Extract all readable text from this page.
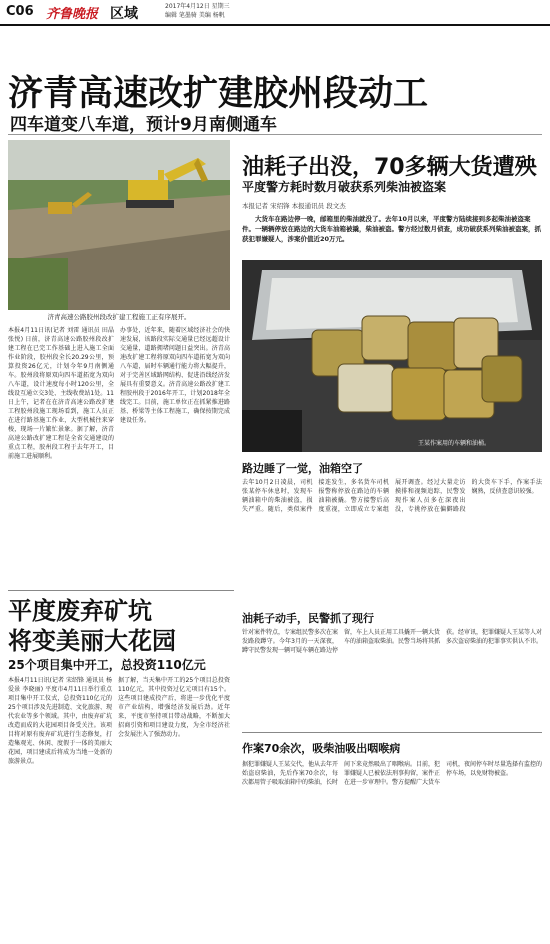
C06 齐鲁晚报 区域	2017年4月12日 星期三
编辑 笔墨骑 美编 杨帆
济青高速改扩建胶州段动工
四车道变八车道，预计9月南侧通车
济青高速公路胶州段改扩建工程施工正有序展开。
本报4月11日讯(记者 刘雷 通讯员 田晶 张悦) 日前，济青高速公路胶州段改扩建工程在已完工作基础上进入施工全面作业阶段，胶州段全长20.29公里，预算投资26亿元，计划今年9月南侧通车。胶州段将原双向四车道拓宽为双向八车道，设计速度每小时120公里，全线设互通立交3处、主线收费站1处。11日上午，记者在在济青高速公路改扩建工程胶州段施工现场看到，施工人员正在进行路基施工作业，大型机械往来穿梭，现场一片繁忙景象。据了解，济青高速公路改扩建工程是全省交通建设的重点工程，胶州段工程于去年开工，目前施工进展顺利。
办事处，近年来，随着区域经济社会的快速发展，该路段实际交通量已经远超设计交通量，道路拥堵问题日益突出。济青高速改扩建工程将原双向四车道拓宽为双向八车道，届时车辆通行能力将大幅提升，对于完善区域路网结构、促进沿线经济发展具有重要意义。济青高速公路改扩建工程胶州段于2016年开工，计划2018年全线完工。目前，施工单位正在抓紧推进路基、桥梁等主体工程施工，确保按期完成建设任务。
油耗子出没，70多辆大货遭殃
平度警方耗时数月破获系列柴油被盗案
本报记者 宋绍锋 本报通讯员 段文杰
大货车在路边停一晚，邮箱里的柴油就没了。去年10月以来，平度警方陆续接到多起柴油被盗案件。一辆辆停放在路边的大货车油箱被撬，柴油被盗。警方经过数月侦查，成功破获系列柴油被盗案，抓获犯罪嫌疑人，涉案价值近20万元。
王某作案用的车辆和油桶。
路边睡了一觉，油箱空了
去年10月2日凌晨，司机张某停车休息时，发现车辆油箱中的柴油被盗，损失严重。随后，类似案件接连发生，多名货车司机报警称停放在路边的车辆油箱被撬。警方接警后高度重视，立即成立专案组展开调查。经过大量走访摸排和视频追踪，民警发现作案人员多在深夜出没，专挑停放在偏僻路段的大货车下手，作案手法娴熟，反侦查意识较强。
油耗子动手，民警抓了现行
针对案件特点，专案组民警多次在案发路段蹲守。今年3月的一天深夜，蹲守民警发现一辆可疑车辆在路边停留，车上人员正用工具撬开一辆大货车的油箱盗取柴油。民警当场将其抓获。经审讯，犯罪嫌疑人王某等人对多次盗窃柴油的犯罪事实供认不讳。
作案70余次，吸柴油吸出咽喉病
据犯罪嫌疑人王某交代，他从去年开始盗窃柴油，先后作案70余次，每次都用管子吸取油箱中的柴油，长时间下来竟然吸出了咽喉病。目前，犯罪嫌疑人已被依法刑事拘留，案件正在进一步审理中。警方提醒广大货车司机，夜间停车时尽量选择有监控的停车场，以免财物被盗。
平度废弃矿坑
将变美丽大花园
25个项目集中开工，总投资110亿元
本报4月11日讯(记者 宋绍锋 通讯员 杨爱景 李晓丽) 平度市4月11日举行重点项目集中开工仪式，总投资110亿元的25个项目涉及先进制造、文化旅游、现代农业等多个领域。其中，由废弃矿坑改造而成的大花园项目备受关注。该项目将对原有废弃矿坑进行生态修复，打造集观光、休闲、度假于一体的美丽大花园，项目建成后将成为当地一处新的旅游景点。
据了解，当天集中开工的25个项目总投资110亿元，其中投资过亿元项目有15个。这些项目建成投产后，将进一步优化平度市产业结构，增强经济发展后劲。近年来，平度市坚持项目带动战略，不断加大招商引资和项目建设力度，为全市经济社会发展注入了强劲动力。
